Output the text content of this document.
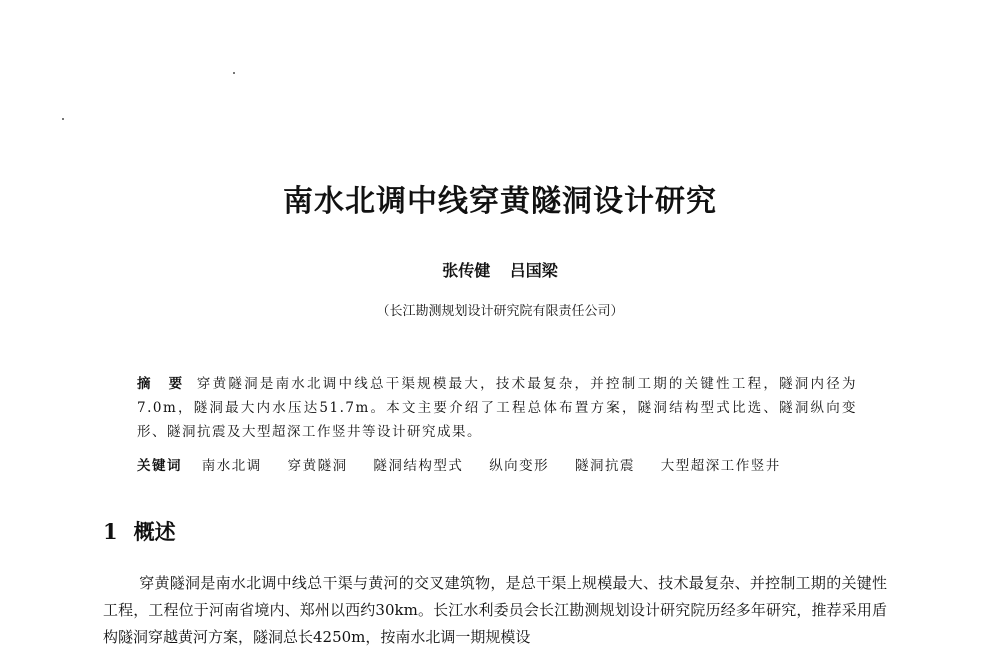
南水北调中线穿黄隧洞设计研究
张传健 吕国梁
（长江勘测规划设计研究院有限责任公司）
摘 要 穿黄隧洞是南水北调中线总干渠规模最大，技术最复杂，并控制工期的关键性工程，隧洞内径为7.0m，隧洞最大内水压达51.7m。本文主要介绍了工程总体布置方案，隧洞结构型式比选、隧洞纵向变形、隧洞抗震及大型超深工作竖井等设计研究成果。
关键词 南水北调 穿黄隧洞 隧洞结构型式 纵向变形 隧洞抗震 大型超深工作竖井
1 概述
穿黄隧洞是南水北调中线总干渠与黄河的交叉建筑物，是总干渠上规模最大、技术最复杂、并控制工期的关键性工程，工程位于河南省境内、郑州以西约30km。长江水利委员会长江勘测规划设计研究院历经多年研究，推荐采用盾构隧洞穿越黄河方案，隧洞总长4250m，按南水北调一期规模设
